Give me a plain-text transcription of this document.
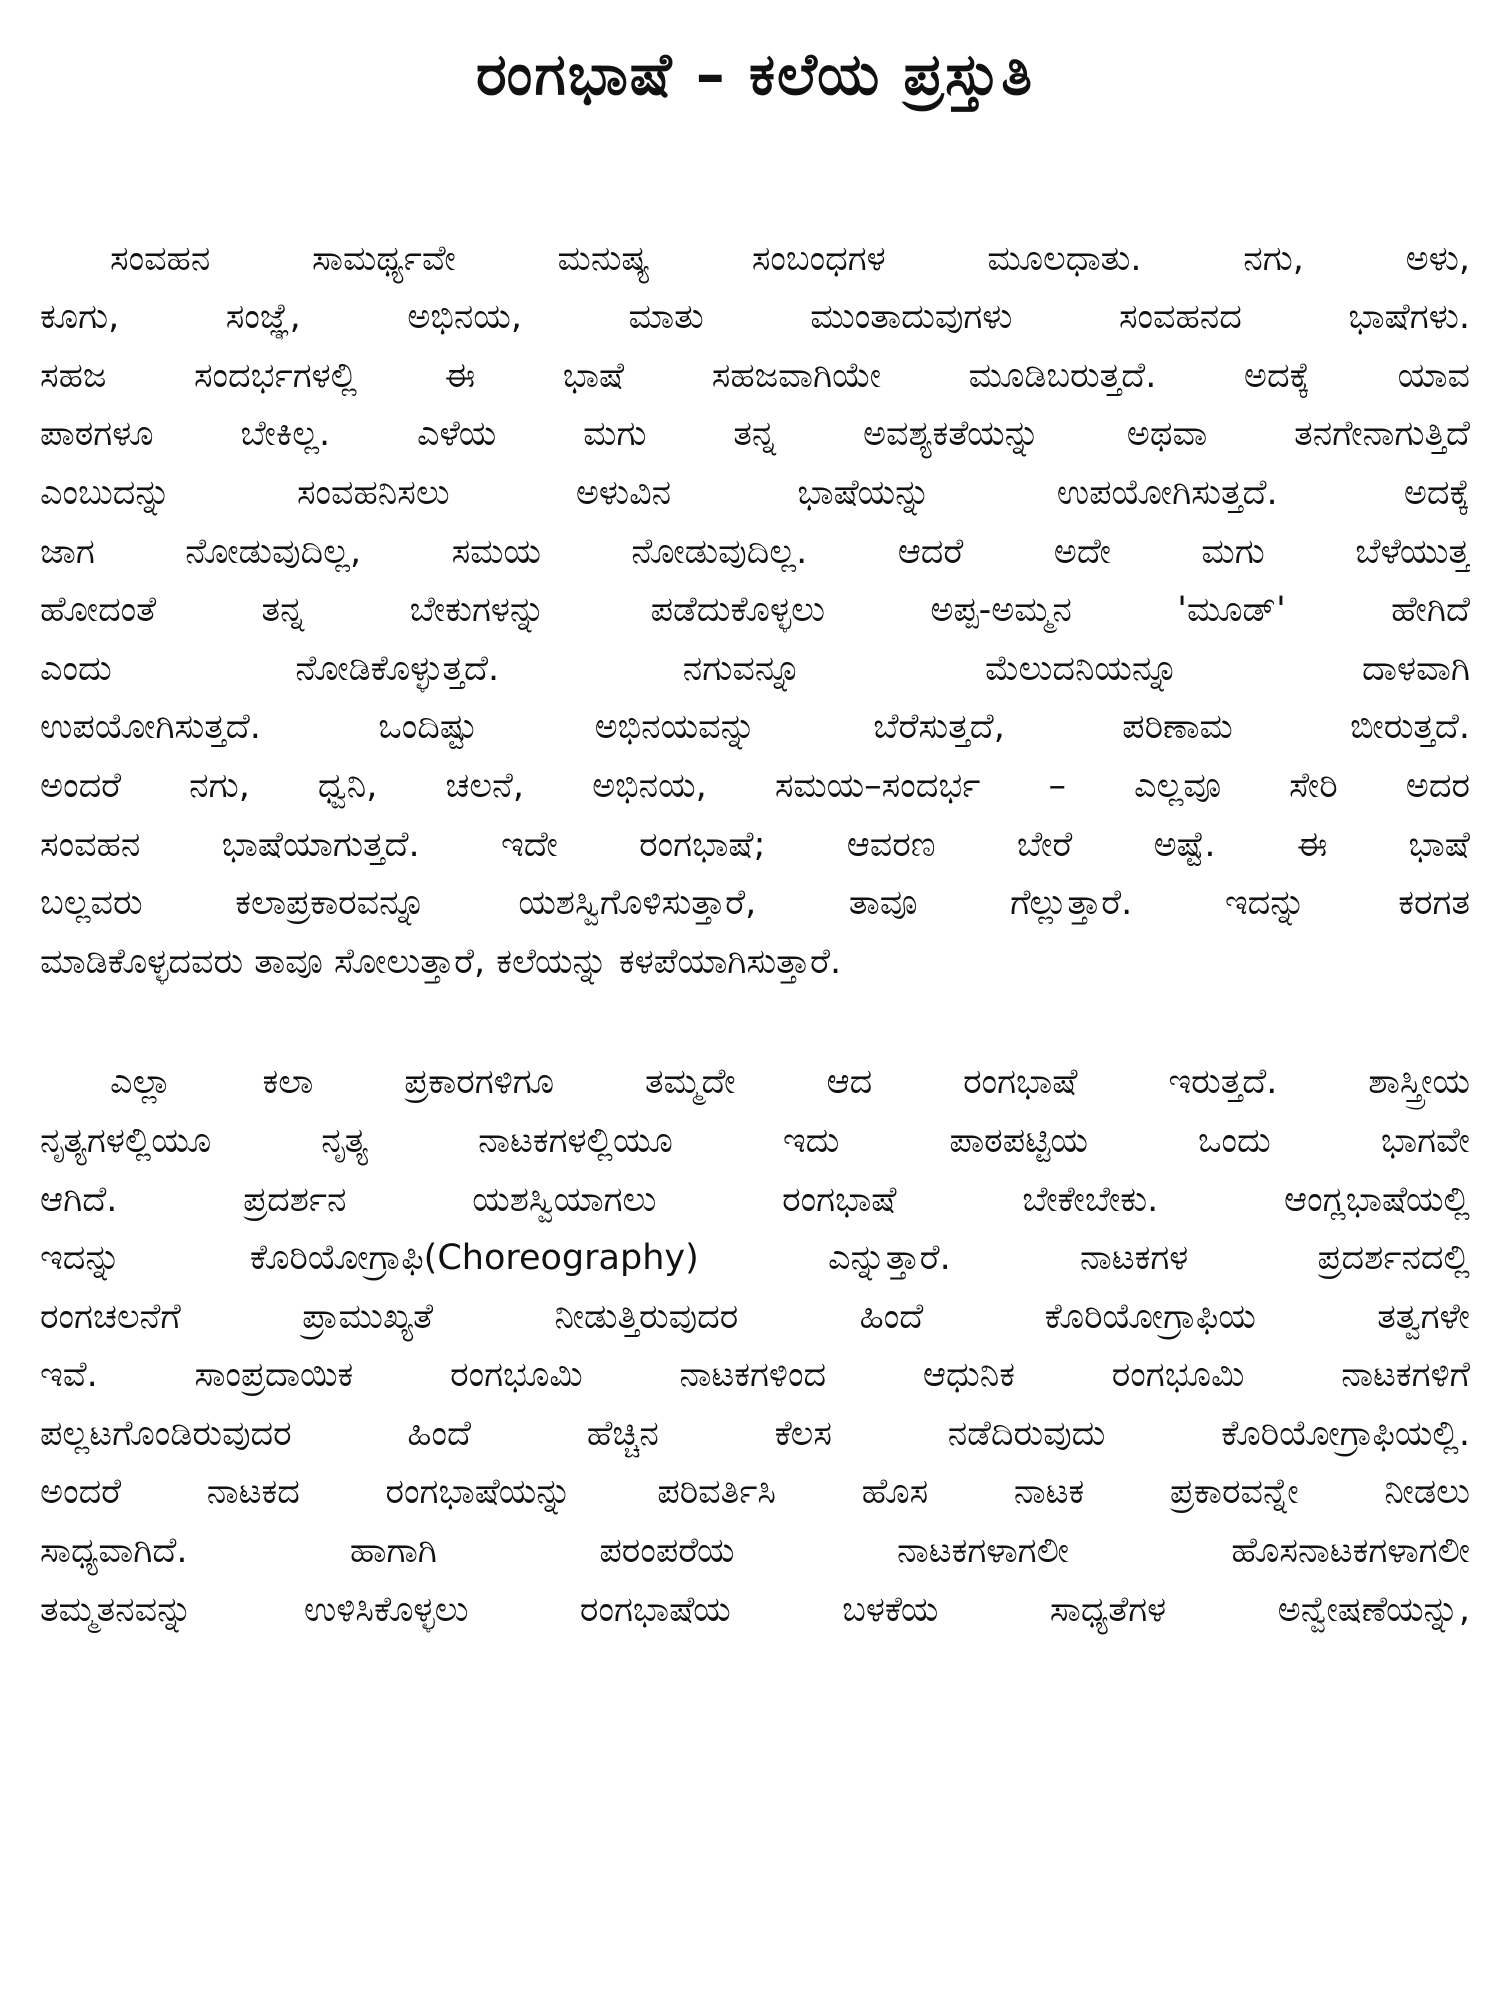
ರಂಗಭಾಷೆ – ಕಲೆಯ ಪ್ರಸ್ತುತಿ
ಸಂವಹನ ಸಾಮರ್ಥ್ಯವೇ ಮನುಷ್ಯ ಸಂಬಂಧಗಳ ಮೂಲಧಾತು. ನಗು, ಅಳು,
ಕೂಗು, ಸಂಜ್ಞೆ, ಅಭಿನಯ, ಮಾತು ಮುಂತಾದುವುಗಳು ಸಂವಹನದ ಭಾಷೆಗಳು.
ಸಹಜ ಸಂದರ್ಭಗಳಲ್ಲಿ ಈ ಭಾಷೆ ಸಹಜವಾಗಿಯೇ ಮೂಡಿಬರುತ್ತದೆ. ಅದಕ್ಕೆ ಯಾವ
ಪಾಠಗಳೂ ಬೇಕಿಲ್ಲ. ಎಳೆಯ ಮಗು ತನ್ನ ಅವಶ್ಯಕತೆಯನ್ನು ಅಥವಾ ತನಗೇನಾಗುತ್ತಿದೆ
ಎಂಬುದನ್ನು ಸಂವಹನಿಸಲು ಅಳುವಿನ ಭಾಷೆಯನ್ನು ಉಪಯೋಗಿಸುತ್ತದೆ. ಅದಕ್ಕೆ
ಜಾಗ ನೋಡುವುದಿಲ್ಲ, ಸಮಯ ನೋಡುವುದಿಲ್ಲ. ಆದರೆ ಅದೇ ಮಗು ಬೆಳೆಯುತ್ತ
ಹೋದಂತೆ ತನ್ನ ಬೇಕುಗಳನ್ನು ಪಡೆದುಕೊಳ್ಳಲು ಅಪ್ಪ-ಅಮ್ಮನ 'ಮೂಡ್' ಹೇಗಿದೆ
ಎಂದು ನೋಡಿಕೊಳ್ಳುತ್ತದೆ. ನಗುವನ್ನೂ ಮೆಲುದನಿಯನ್ನೂ ದಾಳವಾಗಿ
ಉಪಯೋಗಿಸುತ್ತದೆ. ಒಂದಿಷ್ಟು ಅಭಿನಯವನ್ನು ಬೆರೆಸುತ್ತದೆ, ಪರಿಣಾಮ ಬೀರುತ್ತದೆ.
ಅಂದರೆ ನಗು, ಧ್ವನಿ, ಚಲನೆ, ಅಭಿನಯ, ಸಮಯ–ಸಂದರ್ಭ – ಎಲ್ಲವೂ ಸೇರಿ ಅದರ
ಸಂವಹನ ಭಾಷೆಯಾಗುತ್ತದೆ. ಇದೇ ರಂಗಭಾಷೆ; ಆವರಣ ಬೇರೆ ಅಷ್ಟೆ. ಈ ಭಾಷೆ
ಬಲ್ಲವರು ಕಲಾಪ್ರಕಾರವನ್ನೂ ಯಶಸ್ವಿಗೊಳಿಸುತ್ತಾರೆ, ತಾವೂ ಗೆಲ್ಲುತ್ತಾರೆ. ಇದನ್ನು ಕರಗತ
ಮಾಡಿಕೊಳ್ಳದವರು ತಾವೂ ಸೋಲುತ್ತಾರೆ, ಕಲೆಯನ್ನು ಕಳಪೆಯಾಗಿಸುತ್ತಾರೆ.
ಎಲ್ಲಾ ಕಲಾ ಪ್ರಕಾರಗಳಿಗೂ ತಮ್ಮದೇ ಆದ ರಂಗಭಾಷೆ ಇರುತ್ತದೆ. ಶಾಸ್ತ್ರೀಯ
ನೃತ್ಯಗಳಲ್ಲಿಯೂ ನೃತ್ಯ ನಾಟಕಗಳಲ್ಲಿಯೂ ಇದು ಪಾಠಪಟ್ಟಿಯ ಒಂದು ಭಾಗವೇ
ಆಗಿದೆ. ಪ್ರದರ್ಶನ ಯಶಸ್ವಿಯಾಗಲು ರಂಗಭಾಷೆ ಬೇಕೇಬೇಕು. ಆಂಗ್ಲಭಾಷೆಯಲ್ಲಿ
ಇದನ್ನು ಕೊರಿಯೋಗ್ರಾಫಿ(Choreography) ಎನ್ನುತ್ತಾರೆ. ನಾಟಕಗಳ ಪ್ರದರ್ಶನದಲ್ಲಿ
ರಂಗಚಲನೆಗೆ ಪ್ರಾಮುಖ್ಯತೆ ನೀಡುತ್ತಿರುವುದರ ಹಿಂದೆ ಕೊರಿಯೋಗ್ರಾಫಿಯ ತತ್ವಗಳೇ
ಇವೆ. ಸಾಂಪ್ರದಾಯಿಕ ರಂಗಭೂಮಿ ನಾಟಕಗಳಿಂದ ಆಧುನಿಕ ರಂಗಭೂಮಿ ನಾಟಕಗಳಿಗೆ
ಪಲ್ಲಟಗೊಂಡಿರುವುದರ ಹಿಂದೆ ಹೆಚ್ಚಿನ ಕೆಲಸ ನಡೆದಿರುವುದು ಕೊರಿಯೋಗ್ರಾಫಿಯಲ್ಲಿ.
ಅಂದರೆ ನಾಟಕದ ರಂಗಭಾಷೆಯನ್ನು ಪರಿವರ್ತಿಸಿ ಹೊಸ ನಾಟಕ ಪ್ರಕಾರವನ್ನೇ ನೀಡಲು
ಸಾಧ್ಯವಾಗಿದೆ. ಹಾಗಾಗಿ ಪರಂಪರೆಯ ನಾಟಕಗಳಾಗಲೀ ಹೊಸನಾಟಕಗಳಾಗಲೀ
ತಮ್ಮತನವನ್ನು ಉಳಿಸಿಕೊಳ್ಳಲು ರಂಗಭಾಷೆಯ ಬಳಕೆಯ ಸಾಧ್ಯತೆಗಳ ಅನ್ವೇಷಣೆಯನ್ನು,
